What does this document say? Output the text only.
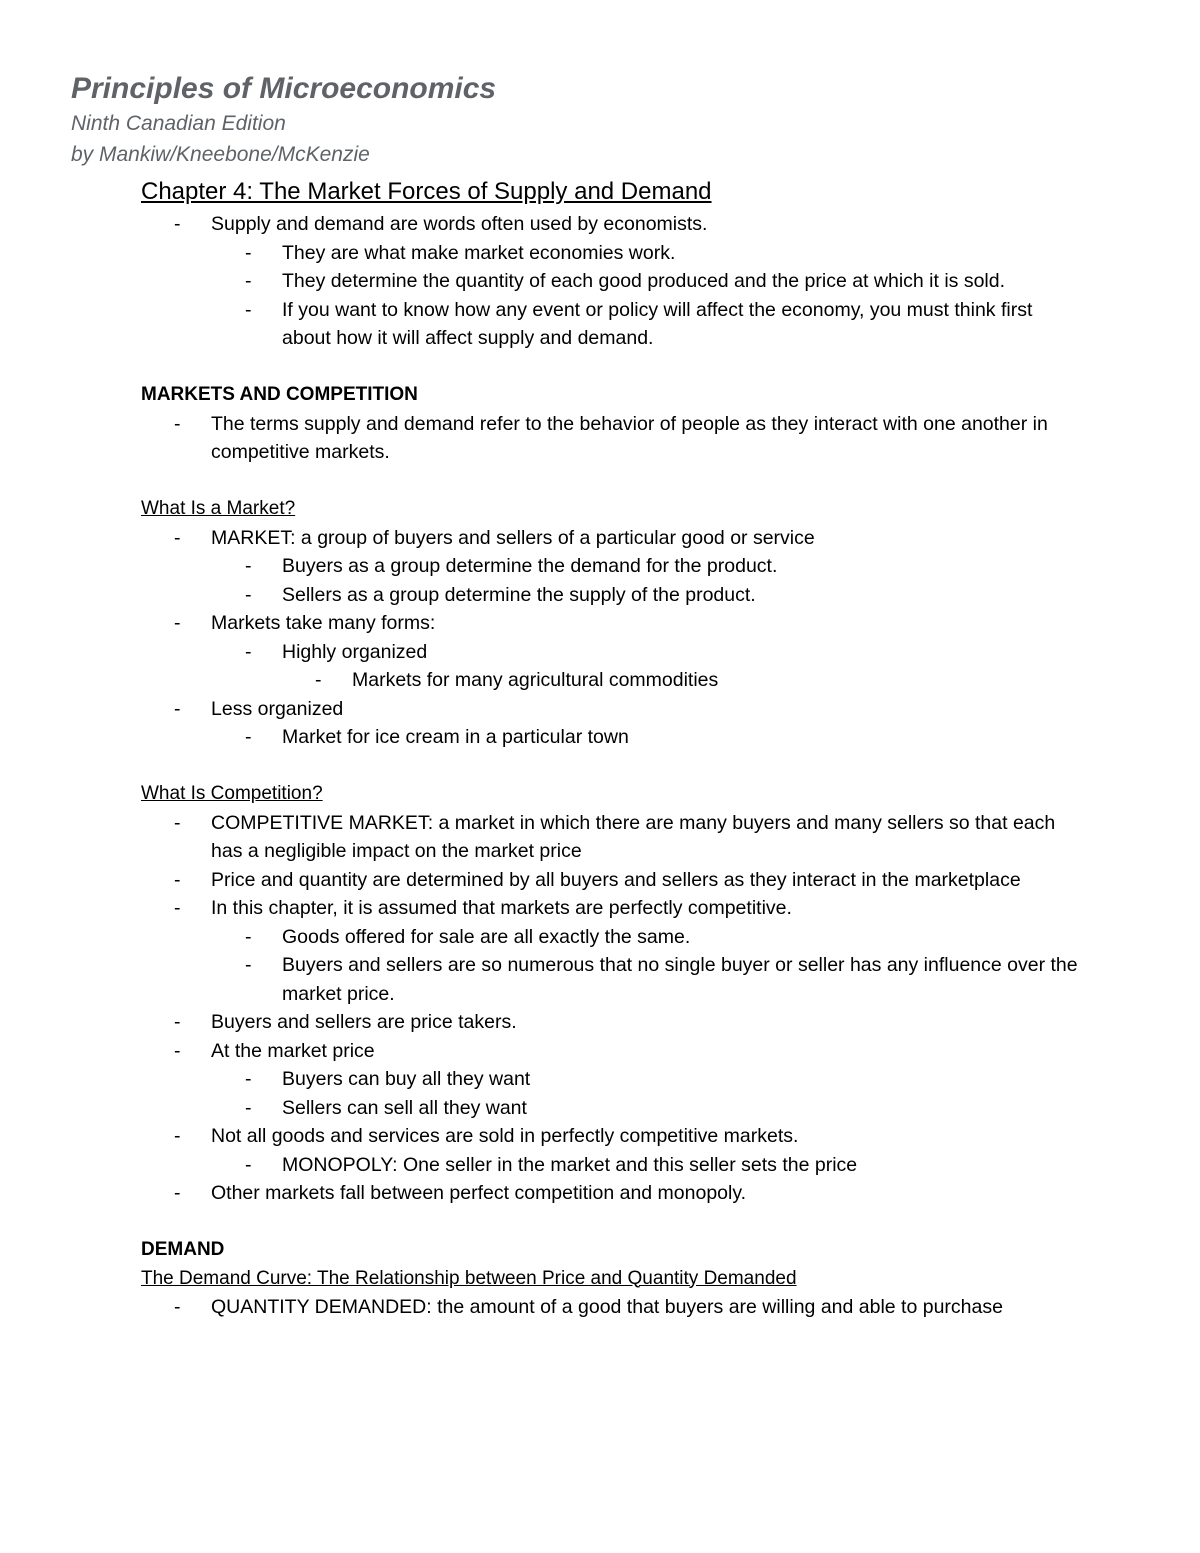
Principles of Microeconomics

Ninth Canadian Edition

by Mankiw/Kneebone/McKenzie

Chapter 4: The Market Forces of Supply and Demand

- Supply and demand are words often used by economists.
- They are what make market economies work.
- They determine the quantity of each good produced and the price at which it is sold.
- If you want to know how any event or policy will affect the economy, you must think first about how it will affect supply and demand.

MARKETS AND COMPETITION

- The terms supply and demand refer to the behavior of people as they interact with one another in competitive markets.

What Is a Market?

- MARKET: a group of buyers and sellers of a particular good or service
- Buyers as a group determine the demand for the product.
- Sellers as a group determine the supply of the product.
- Markets take many forms:
- Highly organized
- Markets for many agricultural commodities
- Less organized
- Market for ice cream in a particular town

What Is Competition?

- COMPETITIVE MARKET: a market in which there are many buyers and many sellers so that each has a negligible impact on the market price
- Price and quantity are determined by all buyers and sellers as they interact in the marketplace
- In this chapter, it is assumed that markets are perfectly competitive.
- Goods offered for sale are all exactly the same.
- Buyers and sellers are so numerous that no single buyer or seller has any influence over the market price.
- Buyers and sellers are price takers.
- At the market price
- Buyers can buy all they want
- Sellers can sell all they want
- Not all goods and services are sold in perfectly competitive markets.
- MONOPOLY: One seller in the market and this seller sets the price
- Other markets fall between perfect competition and monopoly.

DEMAND

The Demand Curve: The Relationship between Price and Quantity Demanded

- QUANTITY DEMANDED: the amount of a good that buyers are willing and able to purchase
